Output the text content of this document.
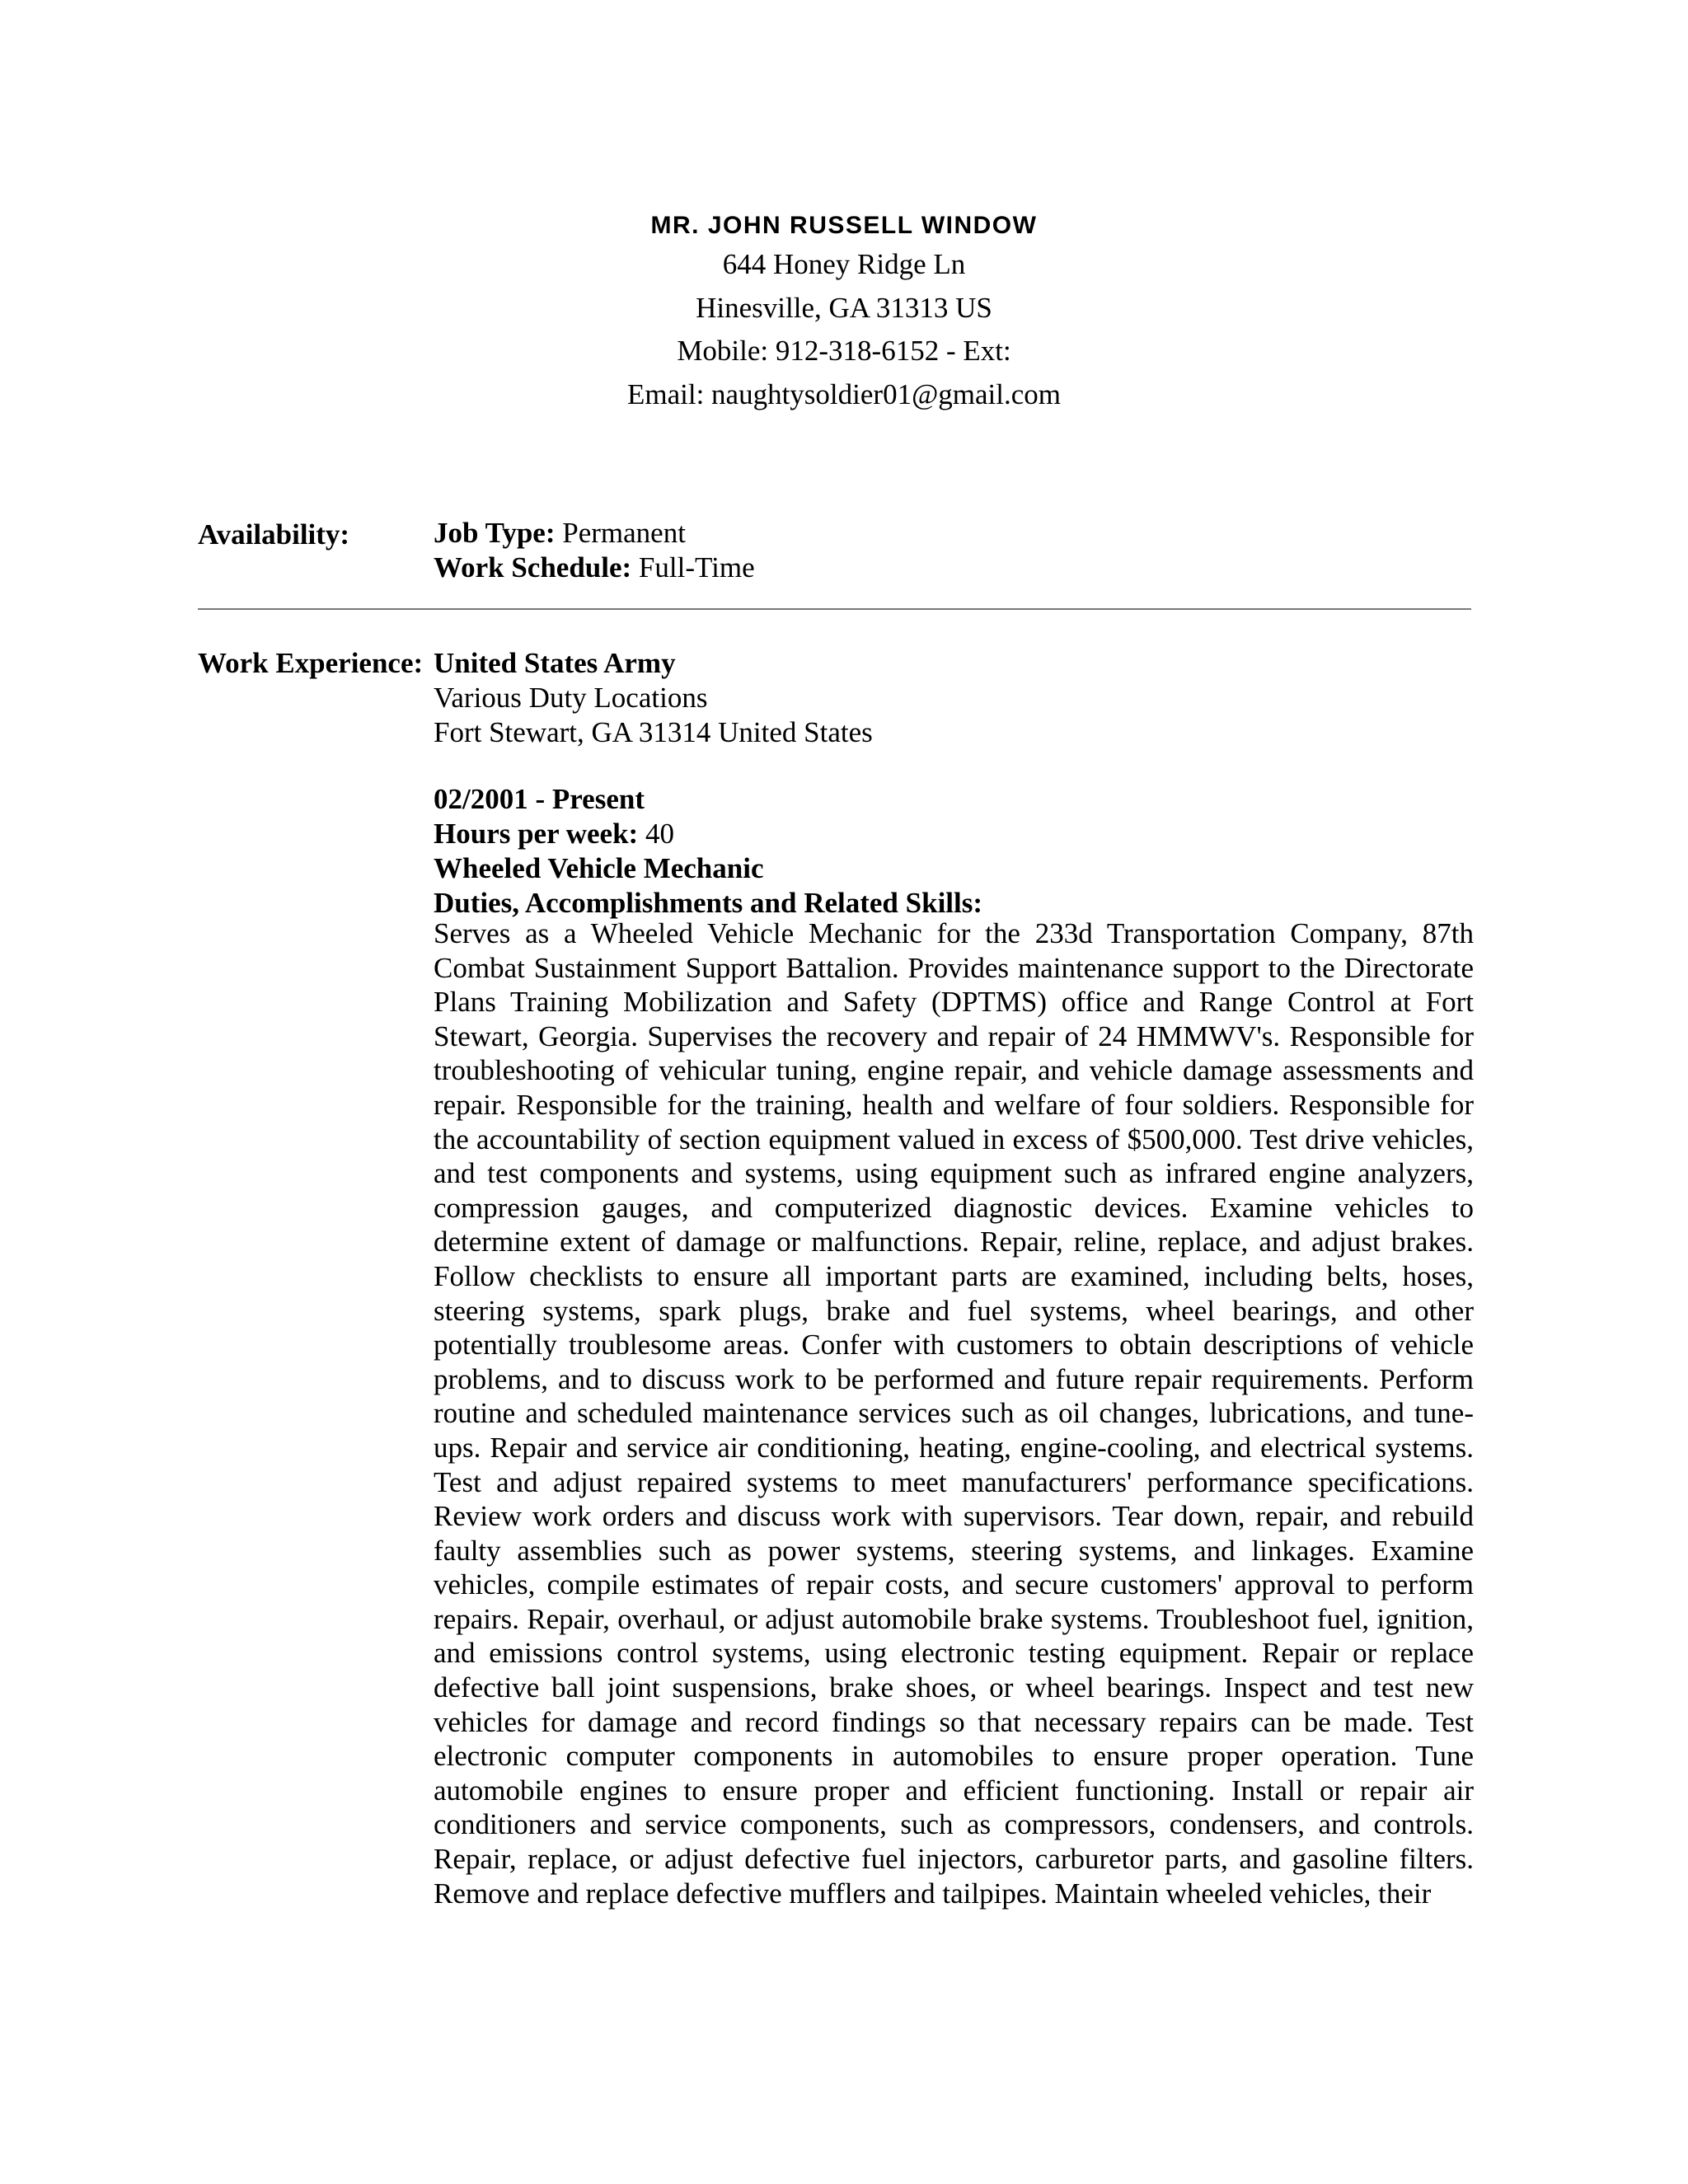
MR. JOHN RUSSELL WINDOW
644 Honey Ridge Ln
Hinesville, GA 31313 US
Mobile: 912-318-6152 - Ext:
Email: naughtysoldier01@gmail.com
Availability:	Job Type: Permanent
Work Schedule: Full-Time
Work Experience: United States Army
Various Duty Locations
Fort Stewart, GA 31314 United States
02/2001 - Present
Hours per week: 40
Wheeled Vehicle Mechanic
Duties, Accomplishments and Related Skills:

Serves as a Wheeled Vehicle Mechanic for the 233d Transportation Company, 87th Combat Sustainment Support Battalion. Provides maintenance support to the Directorate Plans Training Mobilization and Safety (DPTMS) office and Range Control at Fort Stewart, Georgia. Supervises the recovery and repair of 24 HMMWV's. Responsible for troubleshooting of vehicular tuning, engine repair, and vehicle damage assessments and repair. Responsible for the training, health and welfare of four soldiers. Responsible for the accountability of section equipment valued in excess of $500,000. Test drive vehicles, and test components and systems, using equipment such as infrared engine analyzers, compression gauges, and computerized diagnostic devices. Examine vehicles to determine extent of damage or malfunctions. Repair, reline, replace, and adjust brakes. Follow checklists to ensure all important parts are examined, including belts, hoses, steering systems, spark plugs, brake and fuel systems, wheel bearings, and other potentially troublesome areas. Confer with customers to obtain descriptions of vehicle problems, and to discuss work to be performed and future repair requirements. Perform routine and scheduled maintenance services such as oil changes, lubrications, and tune-ups. Repair and service air conditioning, heating, engine-cooling, and electrical systems. Test and adjust repaired systems to meet manufacturers' performance specifications. Review work orders and discuss work with supervisors. Tear down, repair, and rebuild faulty assemblies such as power systems, steering systems, and linkages. Examine vehicles, compile estimates of repair costs, and secure customers' approval to perform repairs. Repair, overhaul, or adjust automobile brake systems. Troubleshoot fuel, ignition, and emissions control systems, using electronic testing equipment. Repair or replace defective ball joint suspensions, brake shoes, or wheel bearings. Inspect and test new vehicles for damage and record findings so that necessary repairs can be made. Test electronic computer components in automobiles to ensure proper operation. Tune automobile engines to ensure proper and efficient functioning. Install or repair air conditioners and service components, such as compressors, condensers, and controls. Repair, replace, or adjust defective fuel injectors, carburetor parts, and gasoline filters. Remove and replace defective mufflers and tailpipes. Maintain wheeled vehicles, their
